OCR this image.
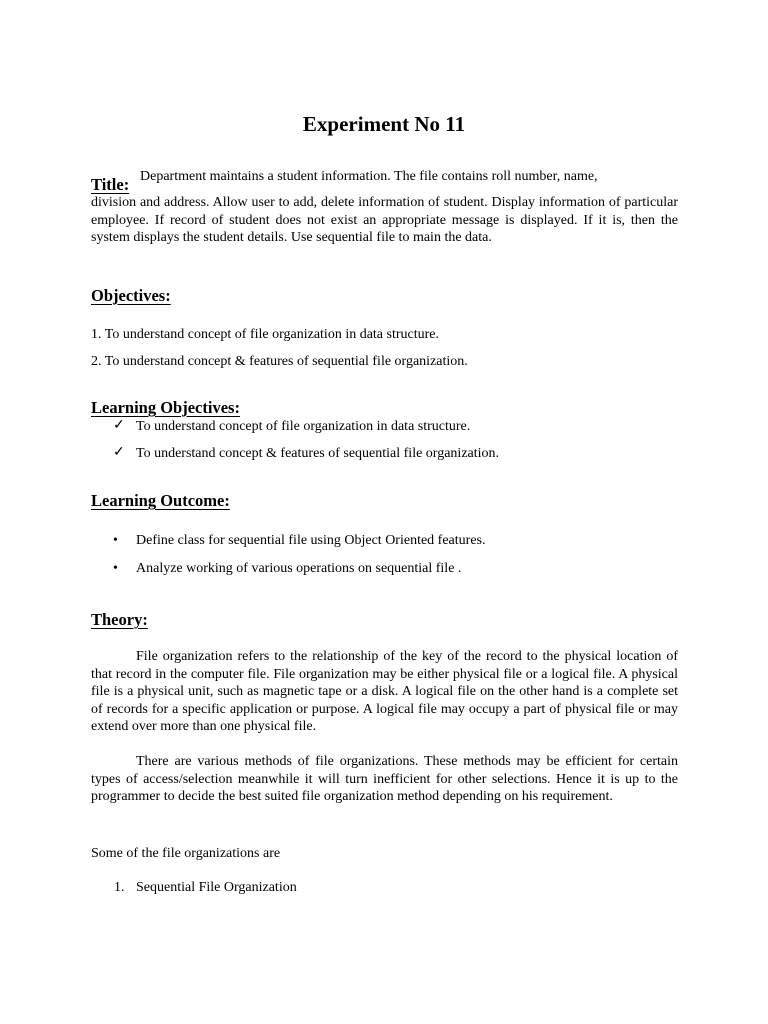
Experiment No 11
Title: Department maintains a student information. The file contains roll number, name,

division and address. Allow user to add, delete information of student. Display information of particular employee. If record of student does not exist an appropriate message is displayed. If it is, then the system displays the student details. Use sequential file to main the data.

Objectives:

1. To understand concept of file organization in data structure.

2. To understand concept & features of sequential file organization.

Learning Objectives:
✓ To understand concept of file organization in data structure.

✓ To understand concept & features of sequential file organization.

Learning Outcome:
• Define class for sequential file using Object Oriented features.

• Analyze working of various operations on sequential file .

Theory:

File organization refers to the relationship of the key of the record to the physical location of that record in the computer file. File organization may be either physical file or a logical file. A physical file is a physical unit, such as magnetic tape or a disk. A logical file on the other hand is a complete set of records for a specific application or purpose. A logical file may occupy a part of physical file or may extend over more than one physical file.

There are various methods of file organizations. These methods may be efficient for certain types of access/selection meanwhile it will turn inefficient for other selections. Hence it is up to the programmer to decide the best suited file organization method depending on his requirement.

Some of the file organizations are

1. Sequential File Organization
